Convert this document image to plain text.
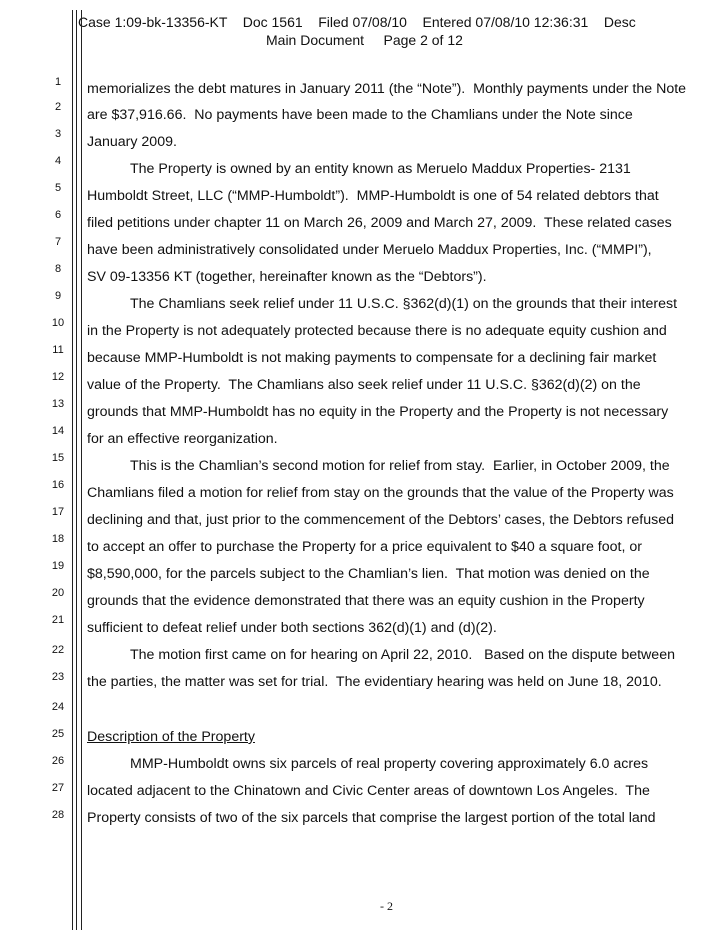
Case 1:09-bk-13356-KT    Doc 1561    Filed 07/08/10    Entered 07/08/10 12:36:31    Desc
Main Document     Page 2 of 12
1
2
3
4
5
6
7
8
9
10
11
12
13
14
15
16
17
18
19
20
21
22
23
24
25
26
27
28
memorializes the debt matures in January 2011 (the “Note”).  Monthly payments under the Note
are $37,916.66.  No payments have been made to the Chamlians under the Note since
January 2009.
The Property is owned by an entity known as Meruelo Maddux Properties- 2131
Humboldt Street, LLC (“MMP-Humboldt”).  MMP-Humboldt is one of 54 related debtors that
filed petitions under chapter 11 on March 26, 2009 and March 27, 2009.  These related cases
have been administratively consolidated under Meruelo Maddux Properties, Inc. (“MMPI”),
SV 09-13356 KT (together, hereinafter known as the “Debtors”).
The Chamlians seek relief under 11 U.S.C. §362(d)(1) on the grounds that their interest
in the Property is not adequately protected because there is no adequate equity cushion and
because MMP-Humboldt is not making payments to compensate for a declining fair market
value of the Property.  The Chamlians also seek relief under 11 U.S.C. §362(d)(2) on the
grounds that MMP-Humboldt has no equity in the Property and the Property is not necessary
for an effective reorganization.
This is the Chamlian’s second motion for relief from stay.  Earlier, in October 2009, the
Chamlians filed a motion for relief from stay on the grounds that the value of the Property was
declining and that, just prior to the commencement of the Debtors’ cases, the Debtors refused
to accept an offer to purchase the Property for a price equivalent to $40 a square foot, or
$8,590,000, for the parcels subject to the Chamlian’s lien.  That motion was denied on the
grounds that the evidence demonstrated that there was an equity cushion in the Property
sufficient to defeat relief under both sections 362(d)(1) and (d)(2).
The motion first came on for hearing on April 22, 2010.   Based on the dispute between
the parties, the matter was set for trial.  The evidentiary hearing was held on June 18, 2010.
Description of the Property
MMP-Humboldt owns six parcels of real property covering approximately 6.0 acres
located adjacent to the Chinatown and Civic Center areas of downtown Los Angeles.  The
Property consists of two of the six parcels that comprise the largest portion of the total land
- 2
